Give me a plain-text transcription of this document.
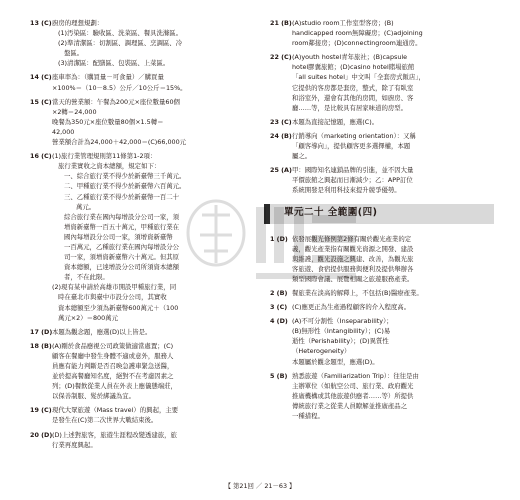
13 (C) 廚房的理想規劃：
(1)汚染區：驗收區、洗菜區、餐具洗滌區。
(2)準清潔區：切割區、調理區、烹調區、冷
盤區。
(3)清潔區：配膳區、包裝區、上菜區。
14 (C) 座車率為：（購買量－可食量）／購買量
×100%＝（10－8.5）公斤／10公斤＝15%。
15 (C) 當天的營業額：午餐為200元×座位數量60個
×2轉＝24,000
晚餐為350元×座位數量80個×1.5轉＝
42,000
營業額合計為24,000＋42,000＝(C)66,000元
16 (C) (1)旅行業管理規則第11條第1-2項：
旅行業實收之資本總額，規定如下：
一、綜合旅行業不得少於新臺幣三千萬元。
二、甲種旅行業不得少於新臺幣六百萬元。
三、乙種旅行業不得少於新臺幣一百二十
萬元。
綜合旅行業在國內每增設分公司一家，須
增資新臺幣一百五十萬元，甲種旅行業在
國內每增設分公司一家，須增資新臺幣
一百萬元，乙種旅行業在國內每增設分公
司一家，須增資新臺幣六十萬元。但其原
資本總額，已達增設分公司所須資本總額
者，不在此限。
(2)現有某申請於高雄市開設甲種旅行業，同
時在臺北市與臺中市設分公司，其實收
資本總額至少須為新臺幣600萬元＋（100
萬元×2）＝800萬元
17 (D) 本題為觀念題，應選(D)以上皆是。
18 (B) (A)剛於食品應視公司政策做適當處置；(C)
顧客在餐廳中發生身體不適或意外，服務人
員應有能力判斷是否召喚急護車緊急送醫，
並於提高餐廳知名度，絕對不在考慮因素之
列；(D)餐飲從業人員在外表上應儀態端莊，
以保善制服、髮於綁議為宜。
19 (C) 現代大眾旅遊（Mass travel）的興起，主要
是發生在(C)第二次世界大戰結束後。
20 (D) (D)上述對旅客，旅遊生涯程改變透建旅，旅
行業再度興起。
21 (B) (A)studio room工作室型客房；(B)
handicapped room無障礙房；(C)adjoining
room鄰接房；(D)connectingroom連通房。
22 (C) (A)youth hostel青年旅社；(B)capsule
hotel膠囊旅館；(D)casino hotel賭場旅館
「all suites hotel」中文叫「全套房式飯店」，
它提供的客房都是套房，整式，除了有臥室
和浴室外，還會有其他的房間，如廚房、客
廳……等，是比較具有居家味道的房型。
23 (C) 本題為直接記憶題，應選(C)。
24 (B) 行銷導向（marketing orientation）：又稱
「顧客導向」，提供顧客更多選擇權，本題
屬之。
25 (A) 甲：國際知名連鎖品牌的引進，並不因大量
平價旅館之興起而日漸減少；乙：APP訂位
系統開發是利用科技來提升競爭優勢。
單元二十 全範圍(四)
1 (D) 依發展觀光條例第2條有關於觀光產業的定
義，觀光產業指有關觀光資源之開發、建設
與維護，觀光設施之興建、改善，為觀光旅
客旅遊、食宿提供服務與便利及提供舉辦各
類型國際會議、展覽相關之旅遊服務產業。
2 (B) 餐旅業在淡高的解釋上，不包括(B)醫療產業。
3 (C) (C)應更正為生產過程顧客的介入程度高。
4 (D) (A)不可分割性（Inseparability）；
(B)無形性（Intangibility）；(C)易
逝性（Perishability）；(D)異質性
（Heterogeneity）
本題屬於觀念題型，應選(D)。
5 (B) 熟悉旅遊（Familiarization Trip）：往往是由
主辦單位（如航空公司、旅行業、政府觀光
推廣機構或其他旅遊供應者……等）所提供
傳統旅行業之從業人員瞭解並推廣產品之
一種措程。
【 第21回 ／ 21－63 】
